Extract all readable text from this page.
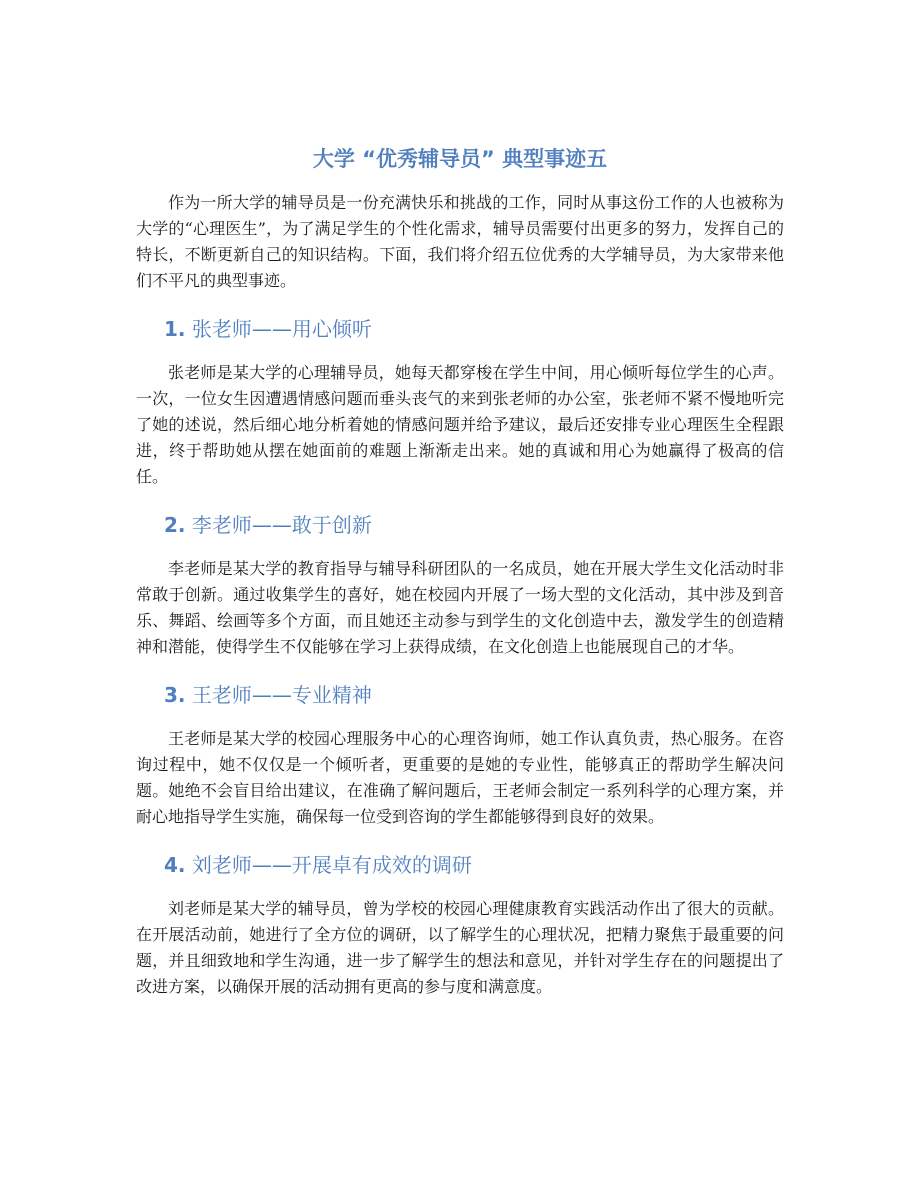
大学 “优秀辅导员” 典型事迹五

作为一所大学的辅导员是一份充满快乐和挑战的工作，同时从事这份工作的人也被称为大学的“心理医生”，为了满足学生的个性化需求，辅导员需要付出更多的努力，发挥自己的特长，不断更新自己的知识结构。下面，我们将介绍五位优秀的大学辅导员，为大家带来他们不平凡的典型事迹。

1. 张老师——用心倾听

张老师是某大学的心理辅导员，她每天都穿梭在学生中间，用心倾听每位学生的心声。一次，一位女生因遭遇情感问题而垂头丧气的来到张老师的办公室，张老师不紧不慢地听完了她的述说，然后细心地分析着她的情感问题并给予建议，最后还安排专业心理医生全程跟进，终于帮助她从摆在她面前的难题上渐渐走出来。她的真诚和用心为她赢得了极高的信任。

2. 李老师——敢于创新

李老师是某大学的教育指导与辅导科研团队的一名成员，她在开展大学生文化活动时非常敢于创新。通过收集学生的喜好，她在校园内开展了一场大型的文化活动，其中涉及到音乐、舞蹈、绘画等多个方面，而且她还主动参与到学生的文化创造中去，激发学生的创造精神和潜能，使得学生不仅能够在学习上获得成绩，在文化创造上也能展现自己的才华。

3. 王老师——专业精神

王老师是某大学的校园心理服务中心的心理咨询师，她工作认真负责，热心服务。在咨询过程中，她不仅仅是一个倾听者，更重要的是她的专业性，能够真正的帮助学生解决问题。她绝不会盲目给出建议，在准确了解问题后，王老师会制定一系列科学的心理方案，并耐心地指导学生实施，确保每一位受到咨询的学生都能够得到良好的效果。

4. 刘老师——开展卓有成效的调研

刘老师是某大学的辅导员，曾为学校的校园心理健康教育实践活动作出了很大的贡献。在开展活动前，她进行了全方位的调研，以了解学生的心理状况，把精力聚焦于最重要的问题，并且细致地和学生沟通，进一步了解学生的想法和意见，并针对学生存在的问题提出了改进方案，以确保开展的活动拥有更高的参与度和满意度。
